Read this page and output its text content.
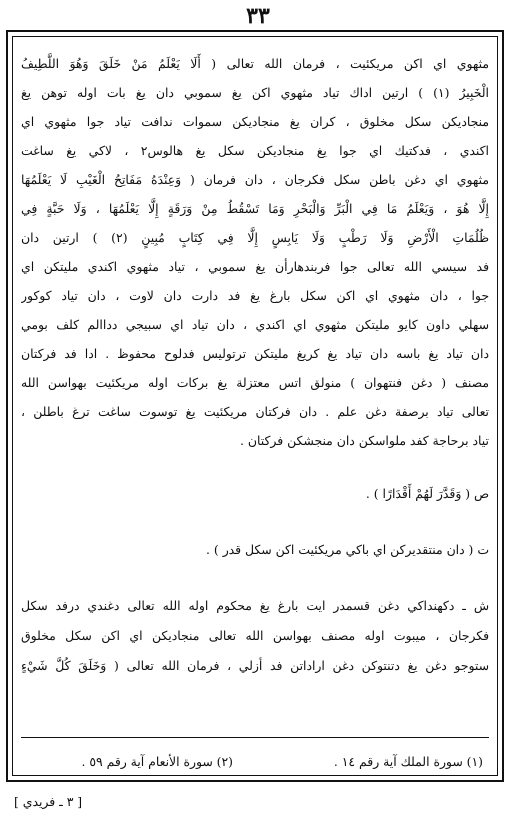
٣٣
مثهوي اي اكن مريكئيت ، فرمان الله تعالى ( أَلَا يَعْلَمُ مَنْ خَلَقَ وَهُوَ اللَّطِيفُ
الْخَبِيرُ (١) ) ارتين اداك تياد مثهوي اكن يغ سموبي دان يغ بات اوله توهن يغ
منجاديكن سكل مخلوق ، كران يغ منجاديكن سموات ندافت تياد جوا مثهوي اي
اكندي ، فدكتيك اي جوا يغ منجاديكن سكل يغ هالوس٢ ، لاكي يغ ساغت
مثهوي اي دغن باطن سكل فكرجان ، دان فرمان ( وَعِنْدَهُ مَفَاتِحُ الْغَيْبِ لَا يَعْلَمُهَا
إِلَّا هُوَ ، وَيَعْلَمُ مَا فِي الْبَرِّ وَالْبَحْرِ وَمَا تَسْقُطُ مِنْ وَرَقَةٍ إِلَّا يَعْلَمُهَا ، وَلَا حَبَّةٍ فِي
ظُلُمَاتِ الْأَرْضِ وَلَا رَطْبٍ وَلَا يَابِسٍ إِلَّا فِي كِتَابٍ مُبِينٍ (٢) ) ارتين دان
فد سيسي الله تعالى جوا فربندهارأن يغ سموبي ، تياد مثهوي اكندي مليتكن اي
جوا ، دان مثهوي اي اكن سكل بارغ يغ فد دارت دان لاوت ، دان تياد كوكور
سهلي داون كايو مليتكن مثهوي اي اكندي ، دان تياد اي سبيجي دداالم كلف بومي
دان تياد يغ باسه دان تياد يغ كريغ مليتكن ترتوليس فدلوح محفوظ . ادا فد فركتان
مصنف ( دغن فنتهوان ) منولق اتس معتزلة يغ بركات اوله مريكئيت بهواسن الله
تعالى تياد برصفة دغن علم . دان فركتان مريكئيت يغ توسوت ساغت ترغ باطلن ،
تياد برحاجة كفد ملواسكن دان منجشكن فركتان .
ص ( وَقَدَّرَ لَهُمْ أَقْدَارًا ) .
ت ( دان منتقديركن اي باكي مريكئيت اكن سكل قدر ) .
ش ـ دكهنداكي دغن قسمدر ايت بارغ يغ محكوم اوله الله تعالى دغندي درفد سكل
فكرجان ، ميبوت اوله مصنف بهواسن الله تعالى منجاديكن اي اكن سكل مخلوق
ستوجو دغن يغ دتنتوكن دغن اراداتن فد أزلي ، فرمان الله تعالى ( وَخَلَقَ كُلَّ شَيْءٍ
(١) سورة الملك آية رقم ١٤ .
(٢) سورة الأنعام آية رقم ٥٩ .
[ ٣ ـ فريدي ]
